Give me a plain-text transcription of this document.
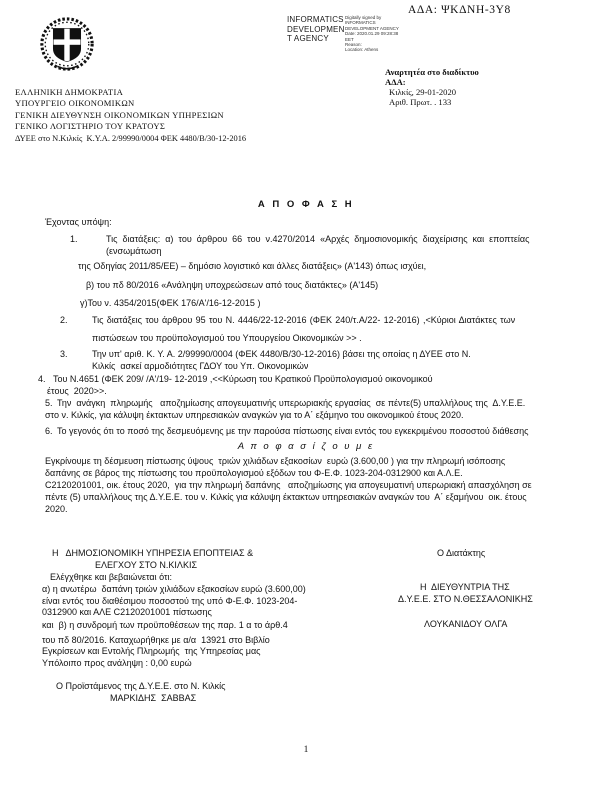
ΑΔΑ: ΨΚΔΝΗ-3Υ8
INFORMATICS
DEVELOPMEN
T AGENCY
Digitally signed by
INFORMATICS
DEVELOPMENT AGENCY
Date: 2020.01.29 09:28:38
EET
Reason:
Location: Athens
Αναρτητέα στο διαδίκτυο
ΑΔΑ:
Κιλκίς, 29-01-2020
Αριθ. Πρωτ. . 133
ΕΛΛΗΝΙΚΗ ΔΗΜΟΚΡΑΤΙΑ
ΥΠΟΥΡΓΕΙΟ ΟΙΚΟΝΟΜΙΚΩΝ
ΓΕΝΙΚΗ ΔΙΕΥΘΥΝΣΗ ΟΙΚΟΝΟΜΙΚΩΝ ΥΠΗΡΕΣΙΩΝ
ΓΕΝΙΚΟ ΛΟΓΙΣΤΗΡΙΟ ΤΟΥ ΚΡΑΤΟΥΣ
ΔΥΕΕ στο Ν.Κιλκίς  Κ.Υ.Α. 2/99990/0004 ΦΕΚ 4480/Β/30-12-2016
Α Π Ο Φ Α Σ Η
Έχοντας υπόψη:
1.	Τις διατάξεις: α) του άρθρου 66 του ν.4270/2014 «Αρχές δημοσιονομικής διαχείρισης και εποπτείας
(ενσωμάτωση
της Οδηγίας 2011/85/ΕΕ) – δημόσιο λογιστικό και άλλες διατάξεις» (Α'143) όπως ισχύει,
β) του πδ 80/2016 «Ανάληψη υποχρεώσεων από τους διατάκτες» (Α'145)
γ)Του ν. 4354/2015(ΦΕΚ 176/Α'/16-12-2015 )
2.	Τις διατάξεις του άρθρου 95 του Ν. 4446/22-12-2016 (ΦΕΚ 240/τ.Α/22- 12-2016) ,<Κύριοι Διατάκτες των
πιστώσεων του προϋπολογισμού του Υπουργείου Οικονομικών >> .
3.	Την υπ' αριθ. Κ. Υ. Α. 2/99990/0004 (ΦΕΚ 4480/Β/30-12-2016) βάσει της οποίας η ΔΥΕΕ στο Ν.
Κιλκίς  ασκεί αρμοδιότητες ΓΔΟΥ του Υπ. Οικονομικών
4. Του Ν.4651 (ΦΕΚ 209/ /Α'/19- 12-2019 ,<<Κύρωση του Κρατικού Προϋπολογισμού οικονομικού
έτους  2020>>.
5. Την  ανάγκη  πληρωμής   αποζημίωσης απογευματινής υπερωριακής εργασίας  σε πέντε(5) υπαλλήλους της  Δ.Υ.Ε.Ε.
στο ν. Κιλκίς, για κάλυψη έκτακτων υπηρεσιακών αναγκών για το Α΄ εξάμηνο του οικονομικού έτους 2020.
6. Το γεγονός ότι το ποσό της δεσμευόμενης με την παρούσα πίστωσης είναι εντός του εγκεκριμένου ποσοστού διάθεσης
Α π ο φ α σ ί ζ ο υ μ ε
Εγκρίνουμε τη δέσμευση πίστωσης ύψους  τριών χιλιάδων εξακοσίων  ευρώ (3.600,00 ) για την πληρωμή ισόποσης
δαπάνης σε βάρος της πίστωσης του προϋπολογισμού εξόδων του Φ-Ε.Φ. 1023-204-0312900 και Α.Λ.Ε.
C2120201001, οικ. έτους 2020,  για την πληρωμή δαπάνης   αποζημίωσης για απογευματινή υπερωριακή απασχόληση σε
πέντε (5) υπαλλήλους της Δ.Υ.Ε.Ε. του ν. Κιλκίς για κάλυψη έκτακτων υπηρεσιακών αναγκών του  Α΄ εξαμήνου  οικ. έτους
2020.
Η   ΔΗΜΟΣΙΟΝΟΜΙΚΗ ΥΠΗΡΕΣΙΑ ΕΠΟΠΤΕΙΑΣ &
ΕΛΕΓΧΟΥ ΣΤΟ Ν.ΚΙΛΚΙΣ
Ελέγχθηκε και βεβαιώνεται ότι:
α) η ανωτέρω  δαπάνη τριών χιλιάδων εξακοσίων ευρώ (3.600,00)
είναι εντός του διαθέσιμου ποσοστού της υπό Φ-Ε.Φ. 1023-204-
0312900 και ΑΛΕ C2120201001 πίστωσης
και  β) η συνδρομή των προϋποθέσεων της παρ. 1 α το άρθ.4
του πδ 80/2016. Καταχωρήθηκε με α/α  13921 στο Βιβλίο
Εγκρίσεων και Εντολής Πληρωμής  της Υπηρεσίας μας
Υπόλοιπο προς ανάληψη : 0,00 ευρώ
Ο Προϊστάμενος της Δ.Υ.Ε.Ε. στο Ν. Κιλκίς
ΜΑΡΚΙΔΗΣ  ΣΑΒΒΑΣ
Ο Διατάκτης
Η  ΔΙΕΥΘΥΝΤΡΙΑ ΤΗΣ
Δ.Υ.Ε.Ε. ΣΤΟ Ν.ΘΕΣΣΑΛΟΝΙΚΗΣ
ΛΟΥΚΑΝΙΔΟΥ ΟΛΓΑ
1
